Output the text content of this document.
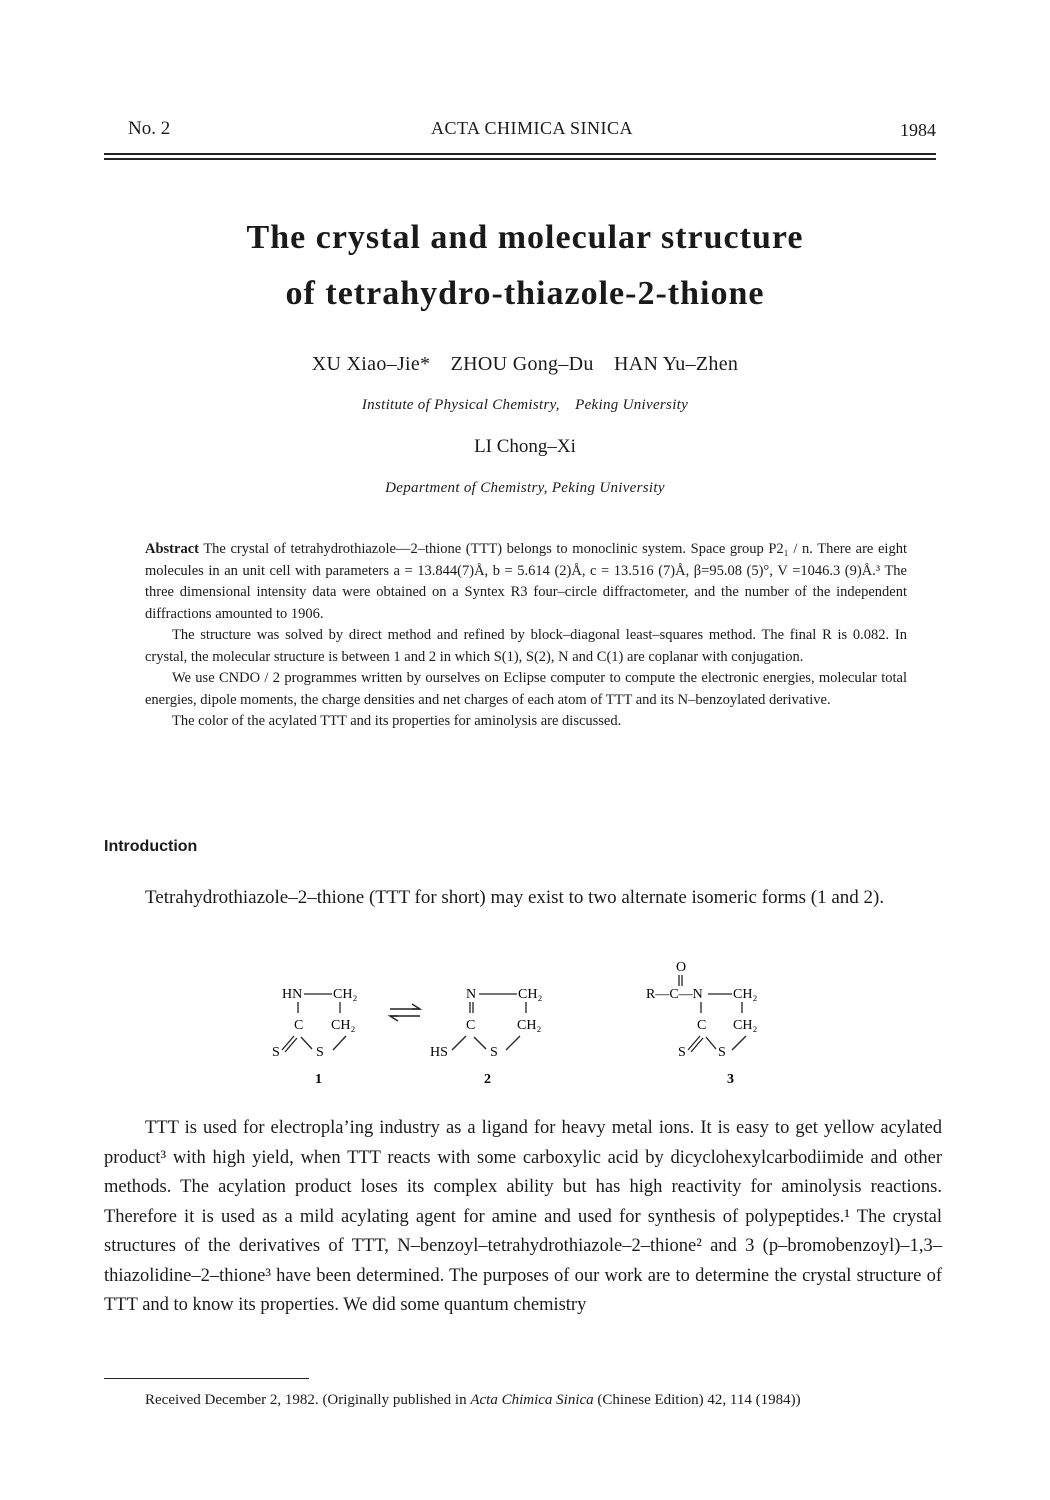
No. 2	ACTA CHIMICA SINICA	1984
The crystal and molecular structure
of tetrahydro-thiazole-2-thione
XU Xiao–Jie* ZHOU Gong–Du HAN Yu–Zhen
Institute of Physical Chemistry, Peking University
LI Chong–Xi
Department of Chemistry, Peking University

Abstract The crystal of tetrahydrothiazole—2–thione (TTT) belongs to monoclinic system. Space group P2₁ / n. There are eight molecules in an unit cell with parameters a = 13.844(7)Å, b = 5.614 (2)Å, c = 13.516 (7)Å, β=95.08 (5)°, V =1046.3 (9)Å.³ The three dimensional intensity data were obtained on a Syntex R3 four–circle diffractometer, and the number of the independent diffractions amounted to 1906.

The structure was solved by direct method and refined by block–diagonal least–squares method. The final R is 0.082. In crystal, the molecular structure is between 1 and 2 in which S(1), S(2), N and C(1) are coplanar with conjugation.

We use CNDO / 2 programmes written by ourselves on Eclipse computer to compute the electronic energies, molecular total energies, dipole moments, the charge densities and net charges of each atom of TTT and its N–benzoylated derivative.

The color of the acylated TTT and its properties for aminolysis are discussed.

Introduction

Tetrahydrothiazole–2–thione (TTT for short) may exist to two alternate isomeric forms (1 and 2).

HN CH₂
C CH₂
S	S
1
N	CH₂
C	CH₂
HS	S
2
O
R—C—N CH₂
C CH₂
S S
3

TTT is used for electropla’ing industry as a ligand for heavy metal ions. It is easy to get yellow acylated product³ with high yield, when TTT reacts with some carboxylic acid by dicyclohexylcarbodiimide and other methods. The acylation product loses its complex ability but has high reactivity for aminolysis reactions. Therefore it is used as a mild acylating agent for amine and used for synthesis of polypeptides.¹ The crystal structures of the derivatives of TTT, N–benzoyl–tetrahydrothiazole–2–thione² and 3 (p–bromobenzoyl)–1,3–thiazolidine–2–thione³ have been determined. The purposes of our work are to determine the crystal structure of TTT and to know its properties. We did some quantum chemistry

Received December 2, 1982. (Originally published in Acta Chimica Sinica (Chinese Edition) 42, 114 (1984))
